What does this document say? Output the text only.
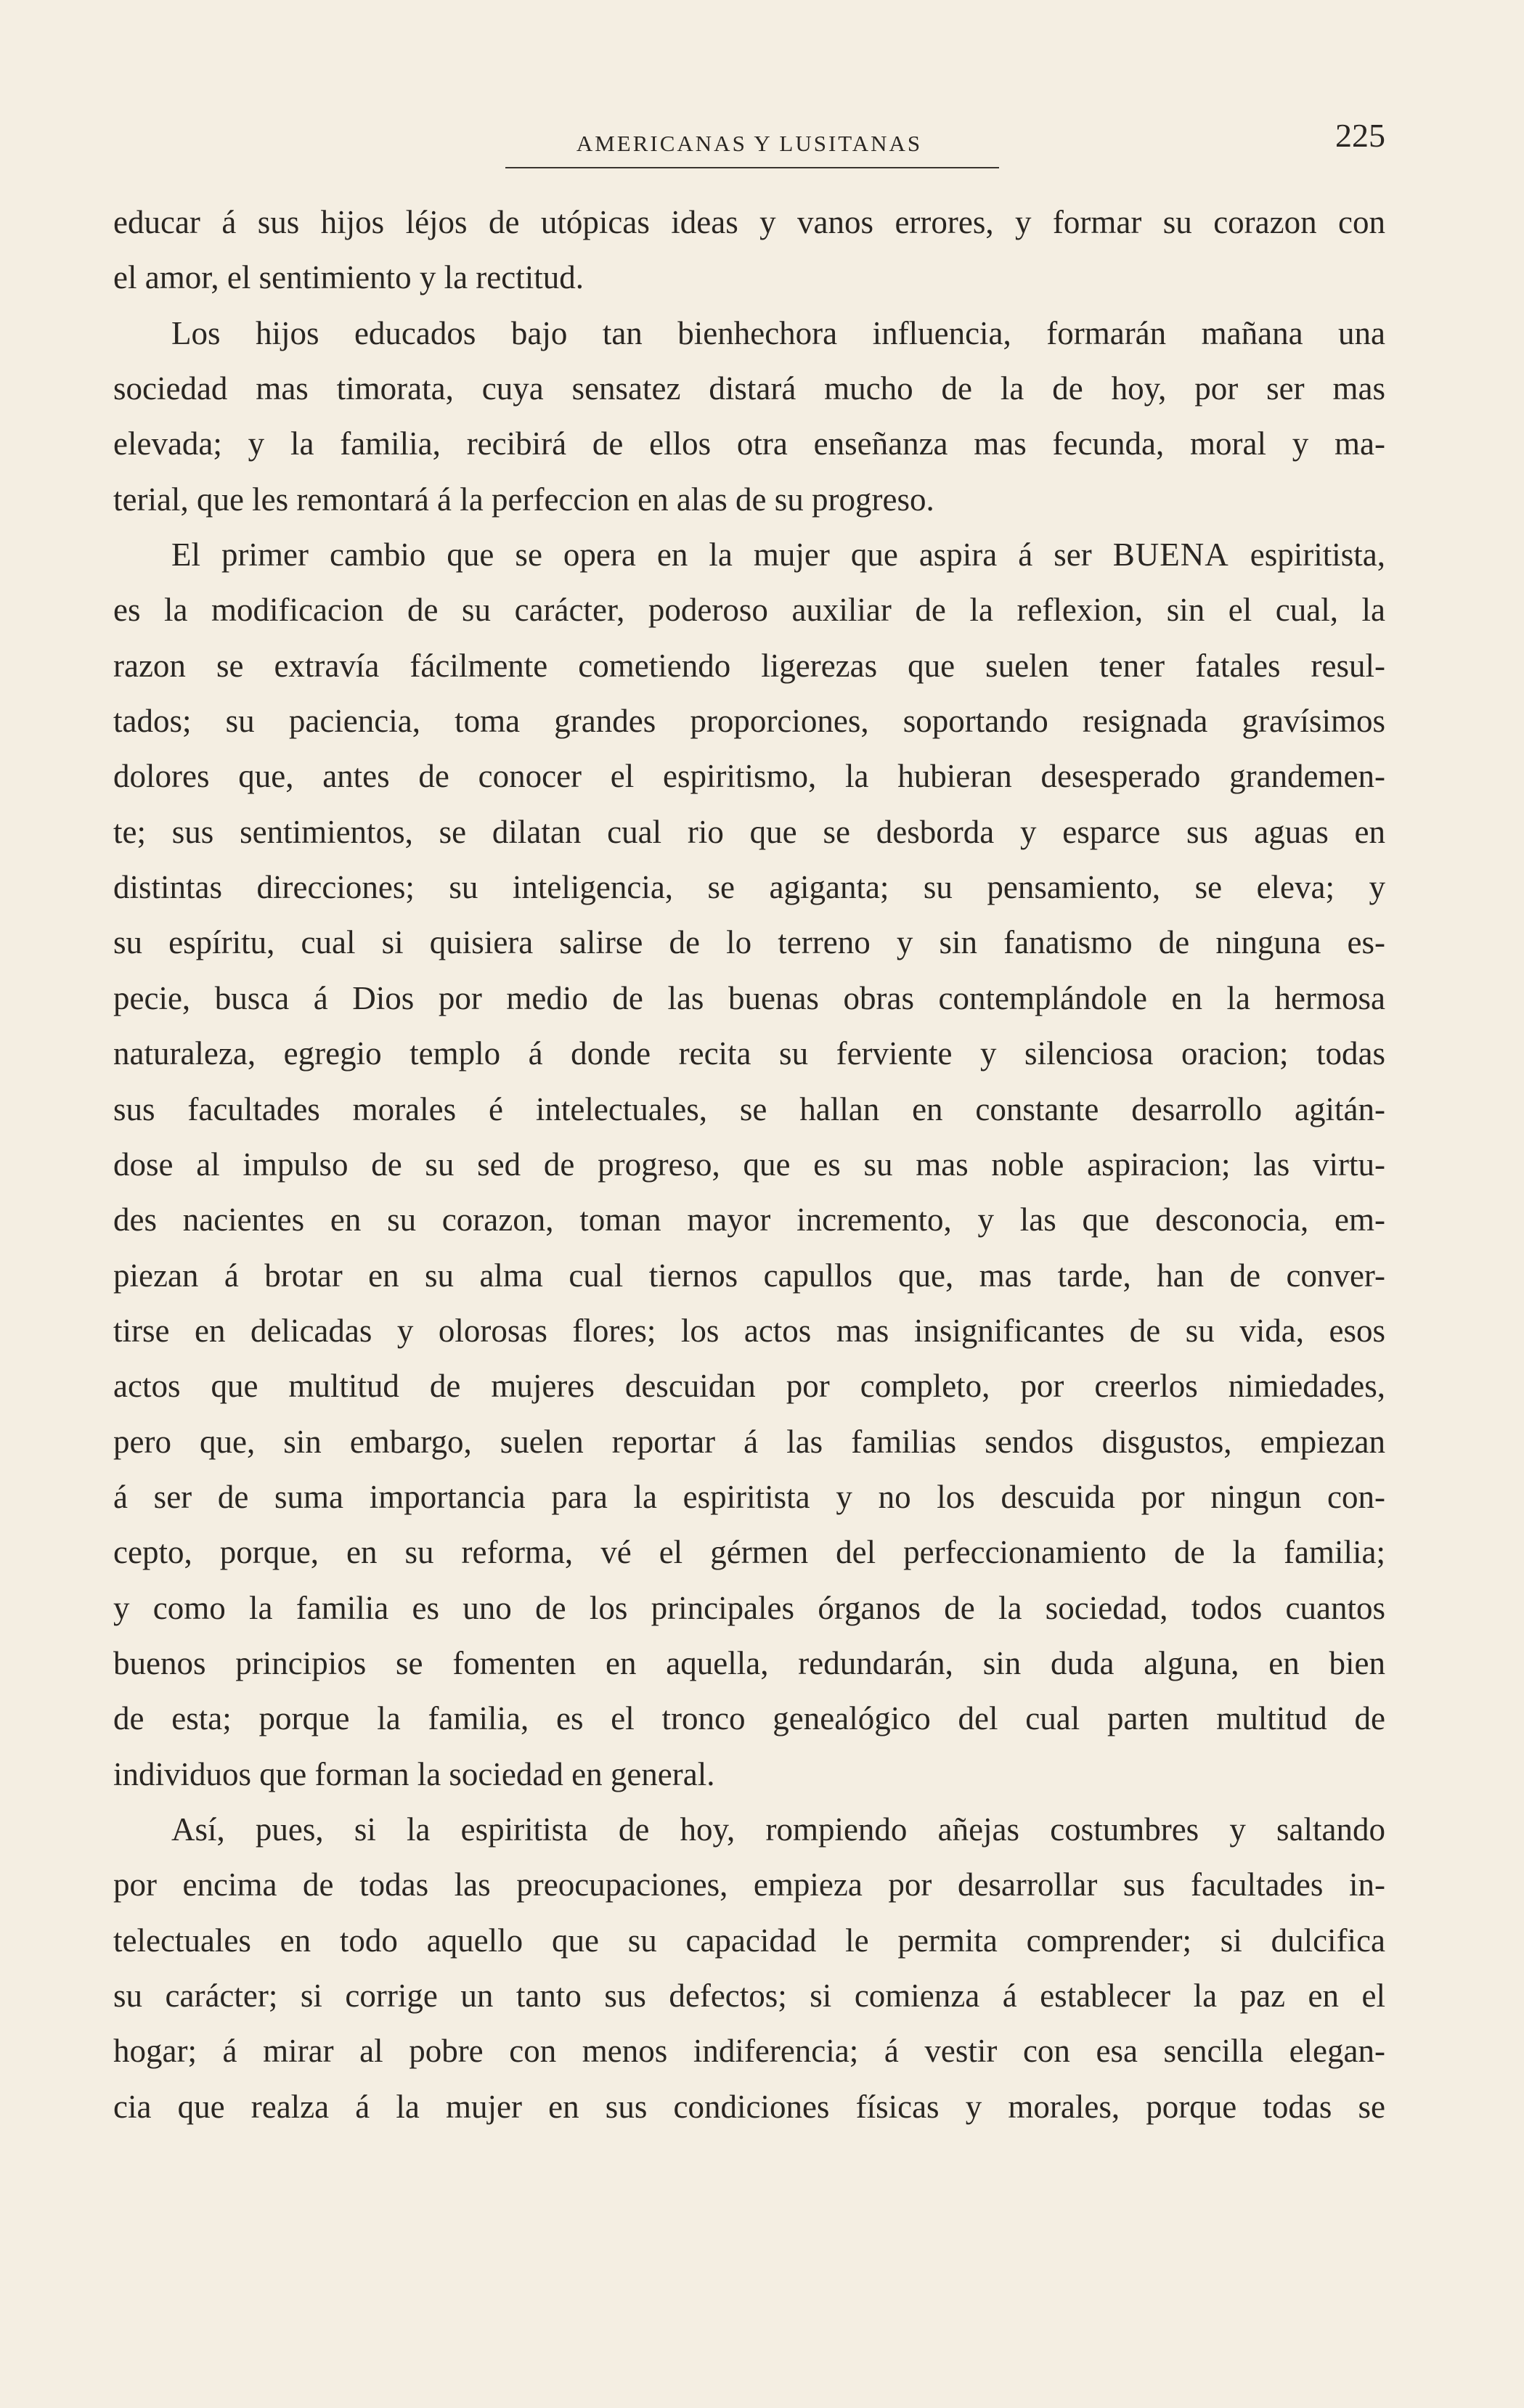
AMERICANAS Y LUSITANAS	225
educar á sus hijos léjos de utópicas ideas y vanos errores, y formar su corazon con
el amor, el sentimiento y la rectitud.
Los hijos educados bajo tan bienhechora influencia, formarán mañana una
sociedad mas timorata, cuya sensatez distará mucho de la de hoy, por ser mas
elevada; y la familia, recibirá de ellos otra enseñanza mas fecunda, moral y ma-
terial, que les remontará á la perfeccion en alas de su progreso.
El primer cambio que se opera en la mujer que aspira á ser BUENA espiritista,
es la modificacion de su carácter, poderoso auxiliar de la reflexion, sin el cual, la
razon se extravía fácilmente cometiendo ligerezas que suelen tener fatales resul-
tados; su paciencia, toma grandes proporciones, soportando resignada gravísimos
dolores que, antes de conocer el espiritismo, la hubieran desesperado grandemen-
te; sus sentimientos, se dilatan cual rio que se desborda y esparce sus aguas en
distintas direcciones; su inteligencia, se agiganta; su pensamiento, se eleva; y
su espíritu, cual si quisiera salirse de lo terreno y sin fanatismo de ninguna es-
pecie, busca á Dios por medio de las buenas obras contemplándole en la hermosa
naturaleza, egregio templo á donde recita su ferviente y silenciosa oracion; todas
sus facultades morales é intelectuales, se hallan en constante desarrollo agitán-
dose al impulso de su sed de progreso, que es su mas noble aspiracion; las virtu-
des nacientes en su corazon, toman mayor incremento, y las que desconocia, em-
piezan á brotar en su alma cual tiernos capullos que, mas tarde, han de conver-
tirse en delicadas y olorosas flores; los actos mas insignificantes de su vida, esos
actos que multitud de mujeres descuidan por completo, por creerlos nimiedades,
pero que, sin embargo, suelen reportar á las familias sendos disgustos, empiezan
á ser de suma importancia para la espiritista y no los descuida por ningun con-
cepto, porque, en su reforma, vé el gérmen del perfeccionamiento de la familia;
y como la familia es uno de los principales órganos de la sociedad, todos cuantos
buenos principios se fomenten en aquella, redundarán, sin duda alguna, en bien
de esta; porque la familia, es el tronco genealógico del cual parten multitud de
individuos que forman la sociedad en general.
Así, pues, si la espiritista de hoy, rompiendo añejas costumbres y saltando
por encima de todas las preocupaciones, empieza por desarrollar sus facultades in-
telectuales en todo aquello que su capacidad le permita comprender; si dulcifica
su carácter; si corrige un tanto sus defectos; si comienza á establecer la paz en el
hogar; á mirar al pobre con menos indiferencia; á vestir con esa sencilla elegan-
cia que realza á la mujer en sus condiciones físicas y morales, porque todas se
